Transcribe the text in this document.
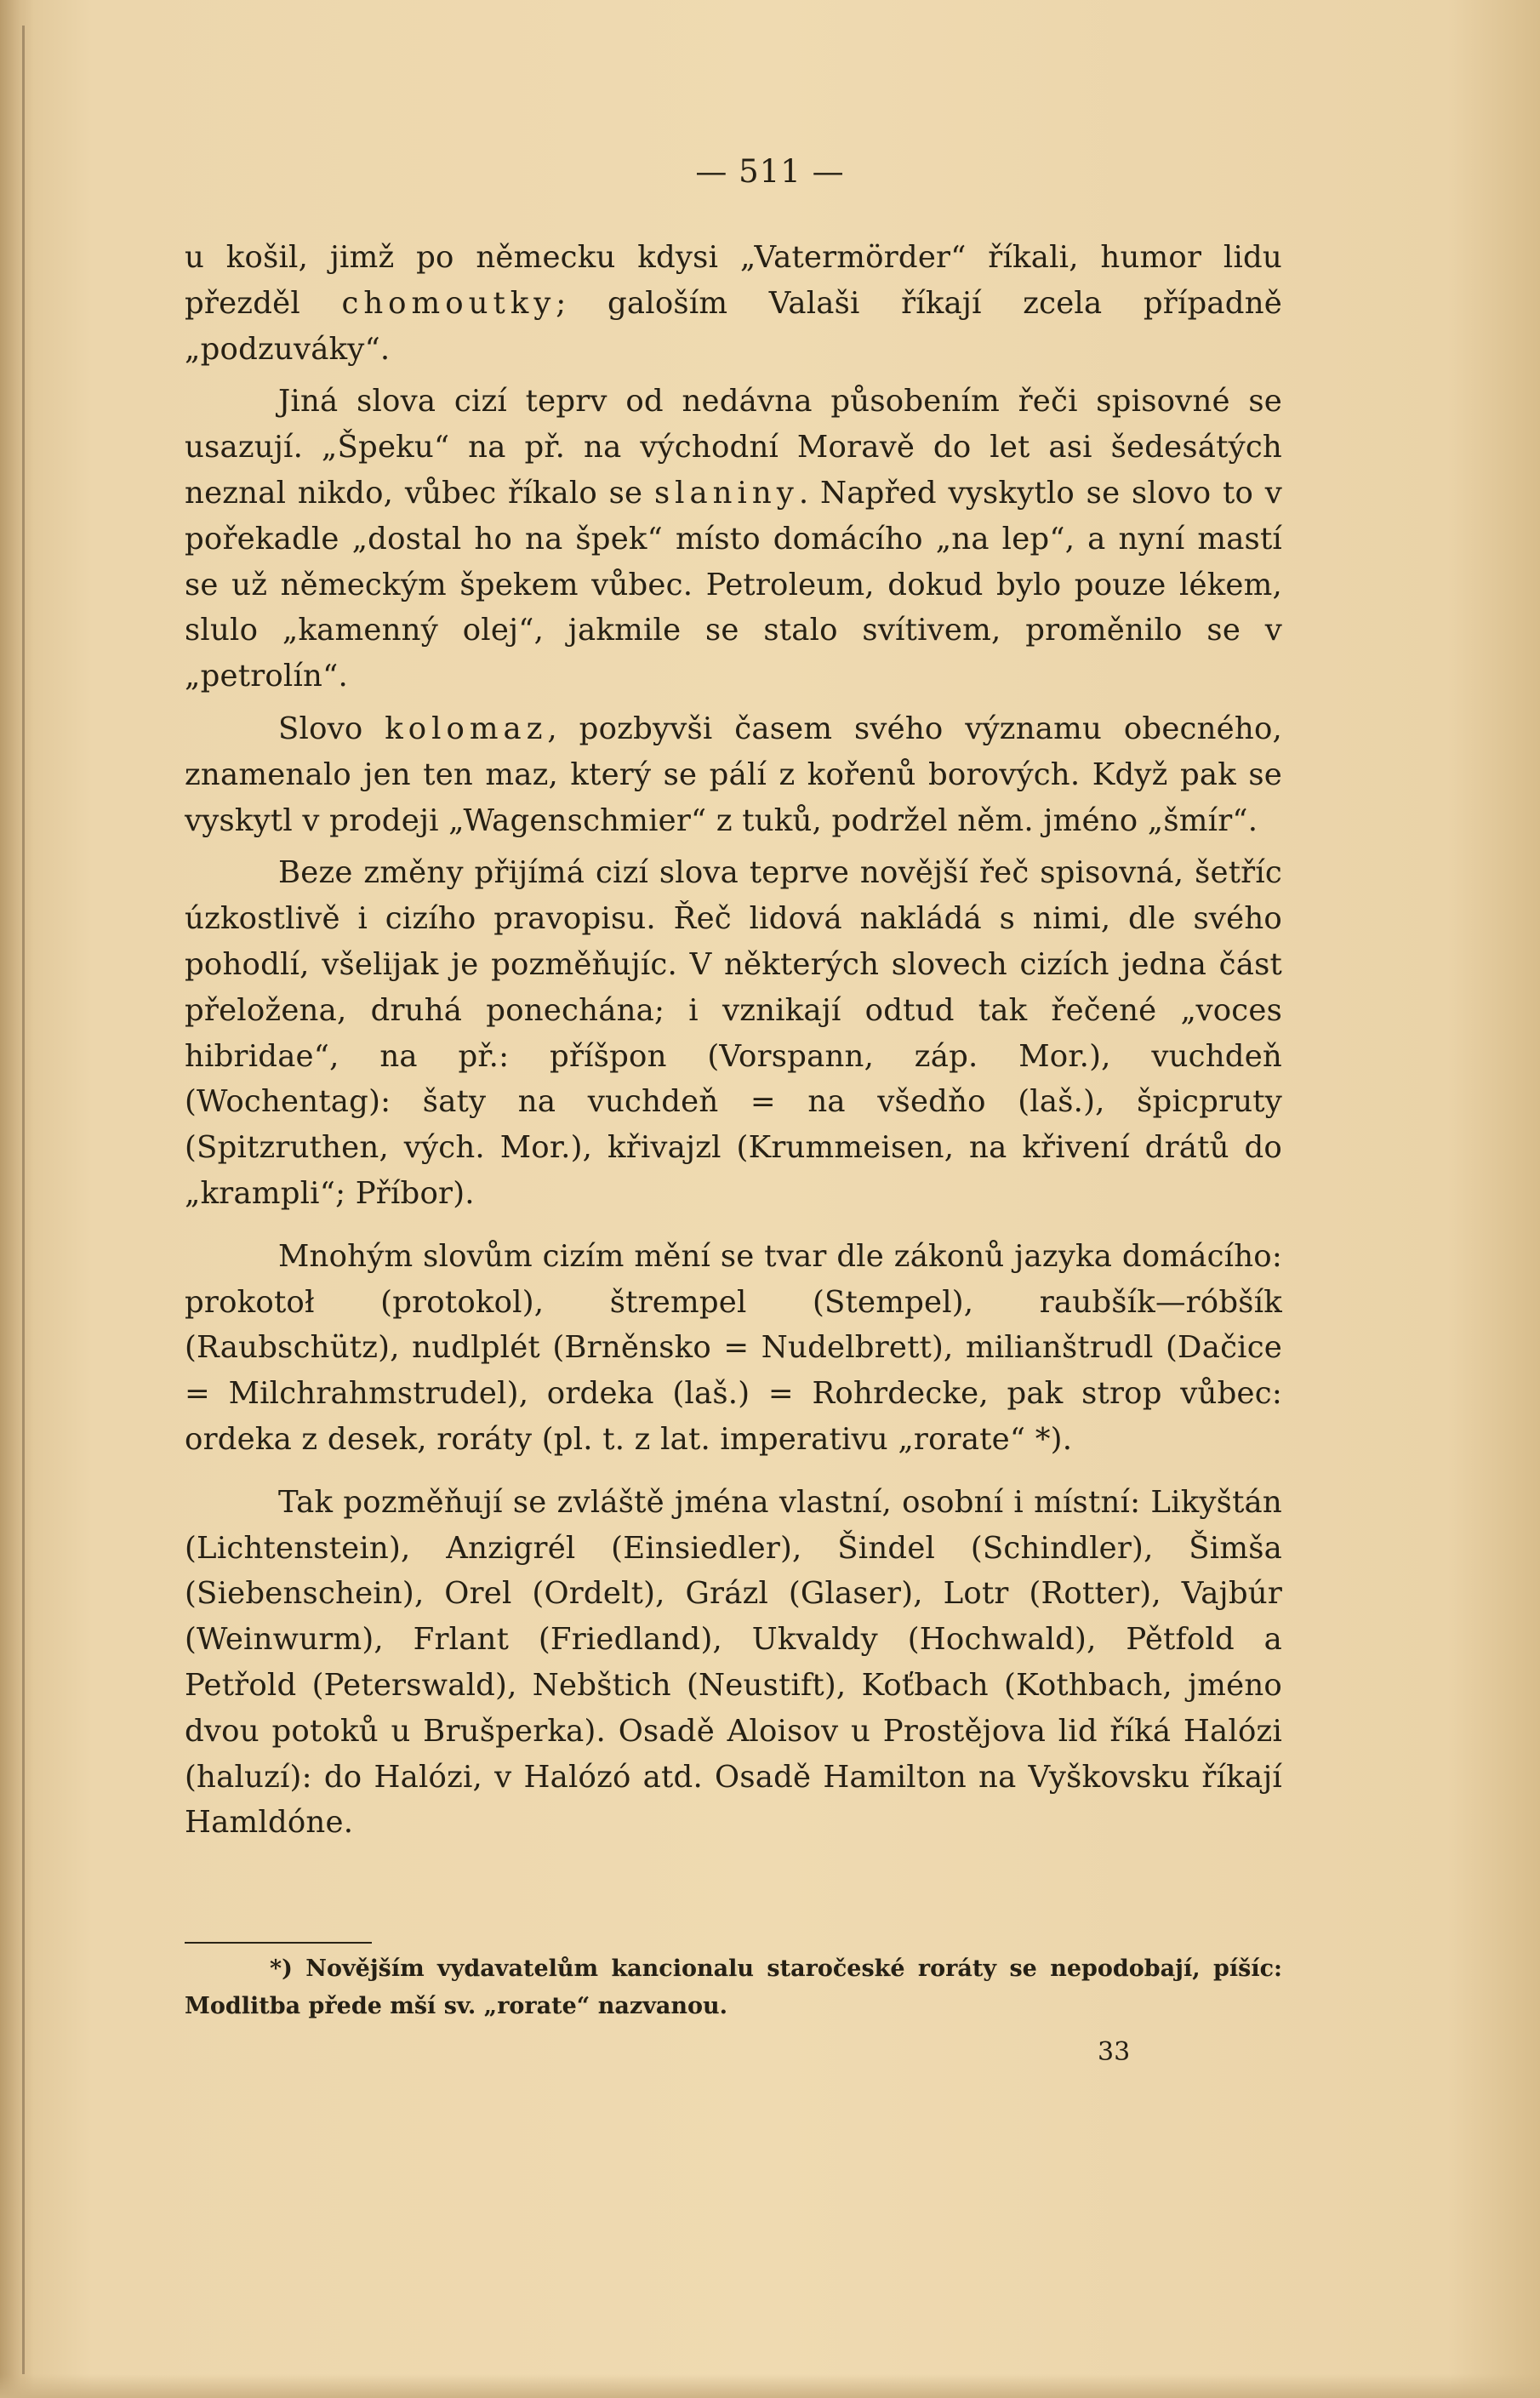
— 511 —

u košil, jimž po německu kdysi „Vatermörder“ říkali, humor lidu přezděl chomoutky; galoším Valaši říkají zcela případně „podzuváky“.

Jiná slova cizí teprv od nedávna působením řeči spisovné se usazují. „Špeku“ na př. na východní Moravě do let asi šedesátých neznal nikdo, vůbec říkalo se slaniny. Napřed vyskytlo se slovo to v pořekadle „dostal ho na špek“ místo domácího „na lep“, a nyní mastí se už německým špekem vůbec. Petroleum, dokud bylo pouze lékem, slulo „kamenný olej“, jakmile se stalo svítivem, proměnilo se v „petrolín“.

Slovo kolomaz, pozbyvši časem svého významu obecného, znamenalo jen ten maz, který se pálí z kořenů borových. Když pak se vyskytl v prodeji „Wagenschmier“ z tuků, podržel něm. jméno „šmír“.

Beze změny přijímá cizí slova teprve novější řeč spisovná, šetříc úzkostlivě i cizího pravopisu. Řeč lidová nakládá s nimi, dle svého pohodlí, všelijak je pozměňujíc. V některých slovech cizích jedna část přeložena, druhá ponechána; i vznikají odtud tak řečené „voces hibridae“, na př.: příšpon (Vorspann, záp. Mor.), vuchdeň (Wochentag): šaty na vuchdeň = na všedňo (laš.), špicpruty (Spitzruthen, vých. Mor.), křivajzl (Krummeisen, na křivení drátů do „krampli“; Příbor).

Mnohým slovům cizím mění se tvar dle zákonů jazyka domácího: prokotoł (protokol), štrempel (Stempel), raubšík—róbšík (Raubschütz), nudlplét (Brněnsko = Nudelbrett), milianštrudl (Dačice = Milchrahmstrudel), ordeka (laš.) = Rohrdecke, pak strop vůbec: ordeka z desek, roráty (pl. t. z lat. imperativu „rorate“ *).

Tak pozměňují se zvláště jména vlastní, osobní i místní: Likyštán (Lichtenstein), Anzigrél (Einsiedler), Šindel (Schindler), Šimša (Siebenschein), Orel (Ordelt), Grázl (Glaser), Lotr (Rotter), Vajbúr (Weinwurm), Frlant (Friedland), Ukvaldy (Hochwald), Pětfold a Petřold (Peterswald), Nebštich (Neustift), Koťbach (Kothbach, jméno dvou potoků u Brušperka). Osadě Aloisov u Prostějova lid říká Halózi (haluzí): do Halózi, v Halózó atd. Osadě Hamilton na Vyškovsku říkají Hamldóne.

*) Novějším vydavatelům kancionalu staročeské roráty se nepodobají, píšíc: Modlitba přede mší sv. „rorate“ nazvanou.

33
